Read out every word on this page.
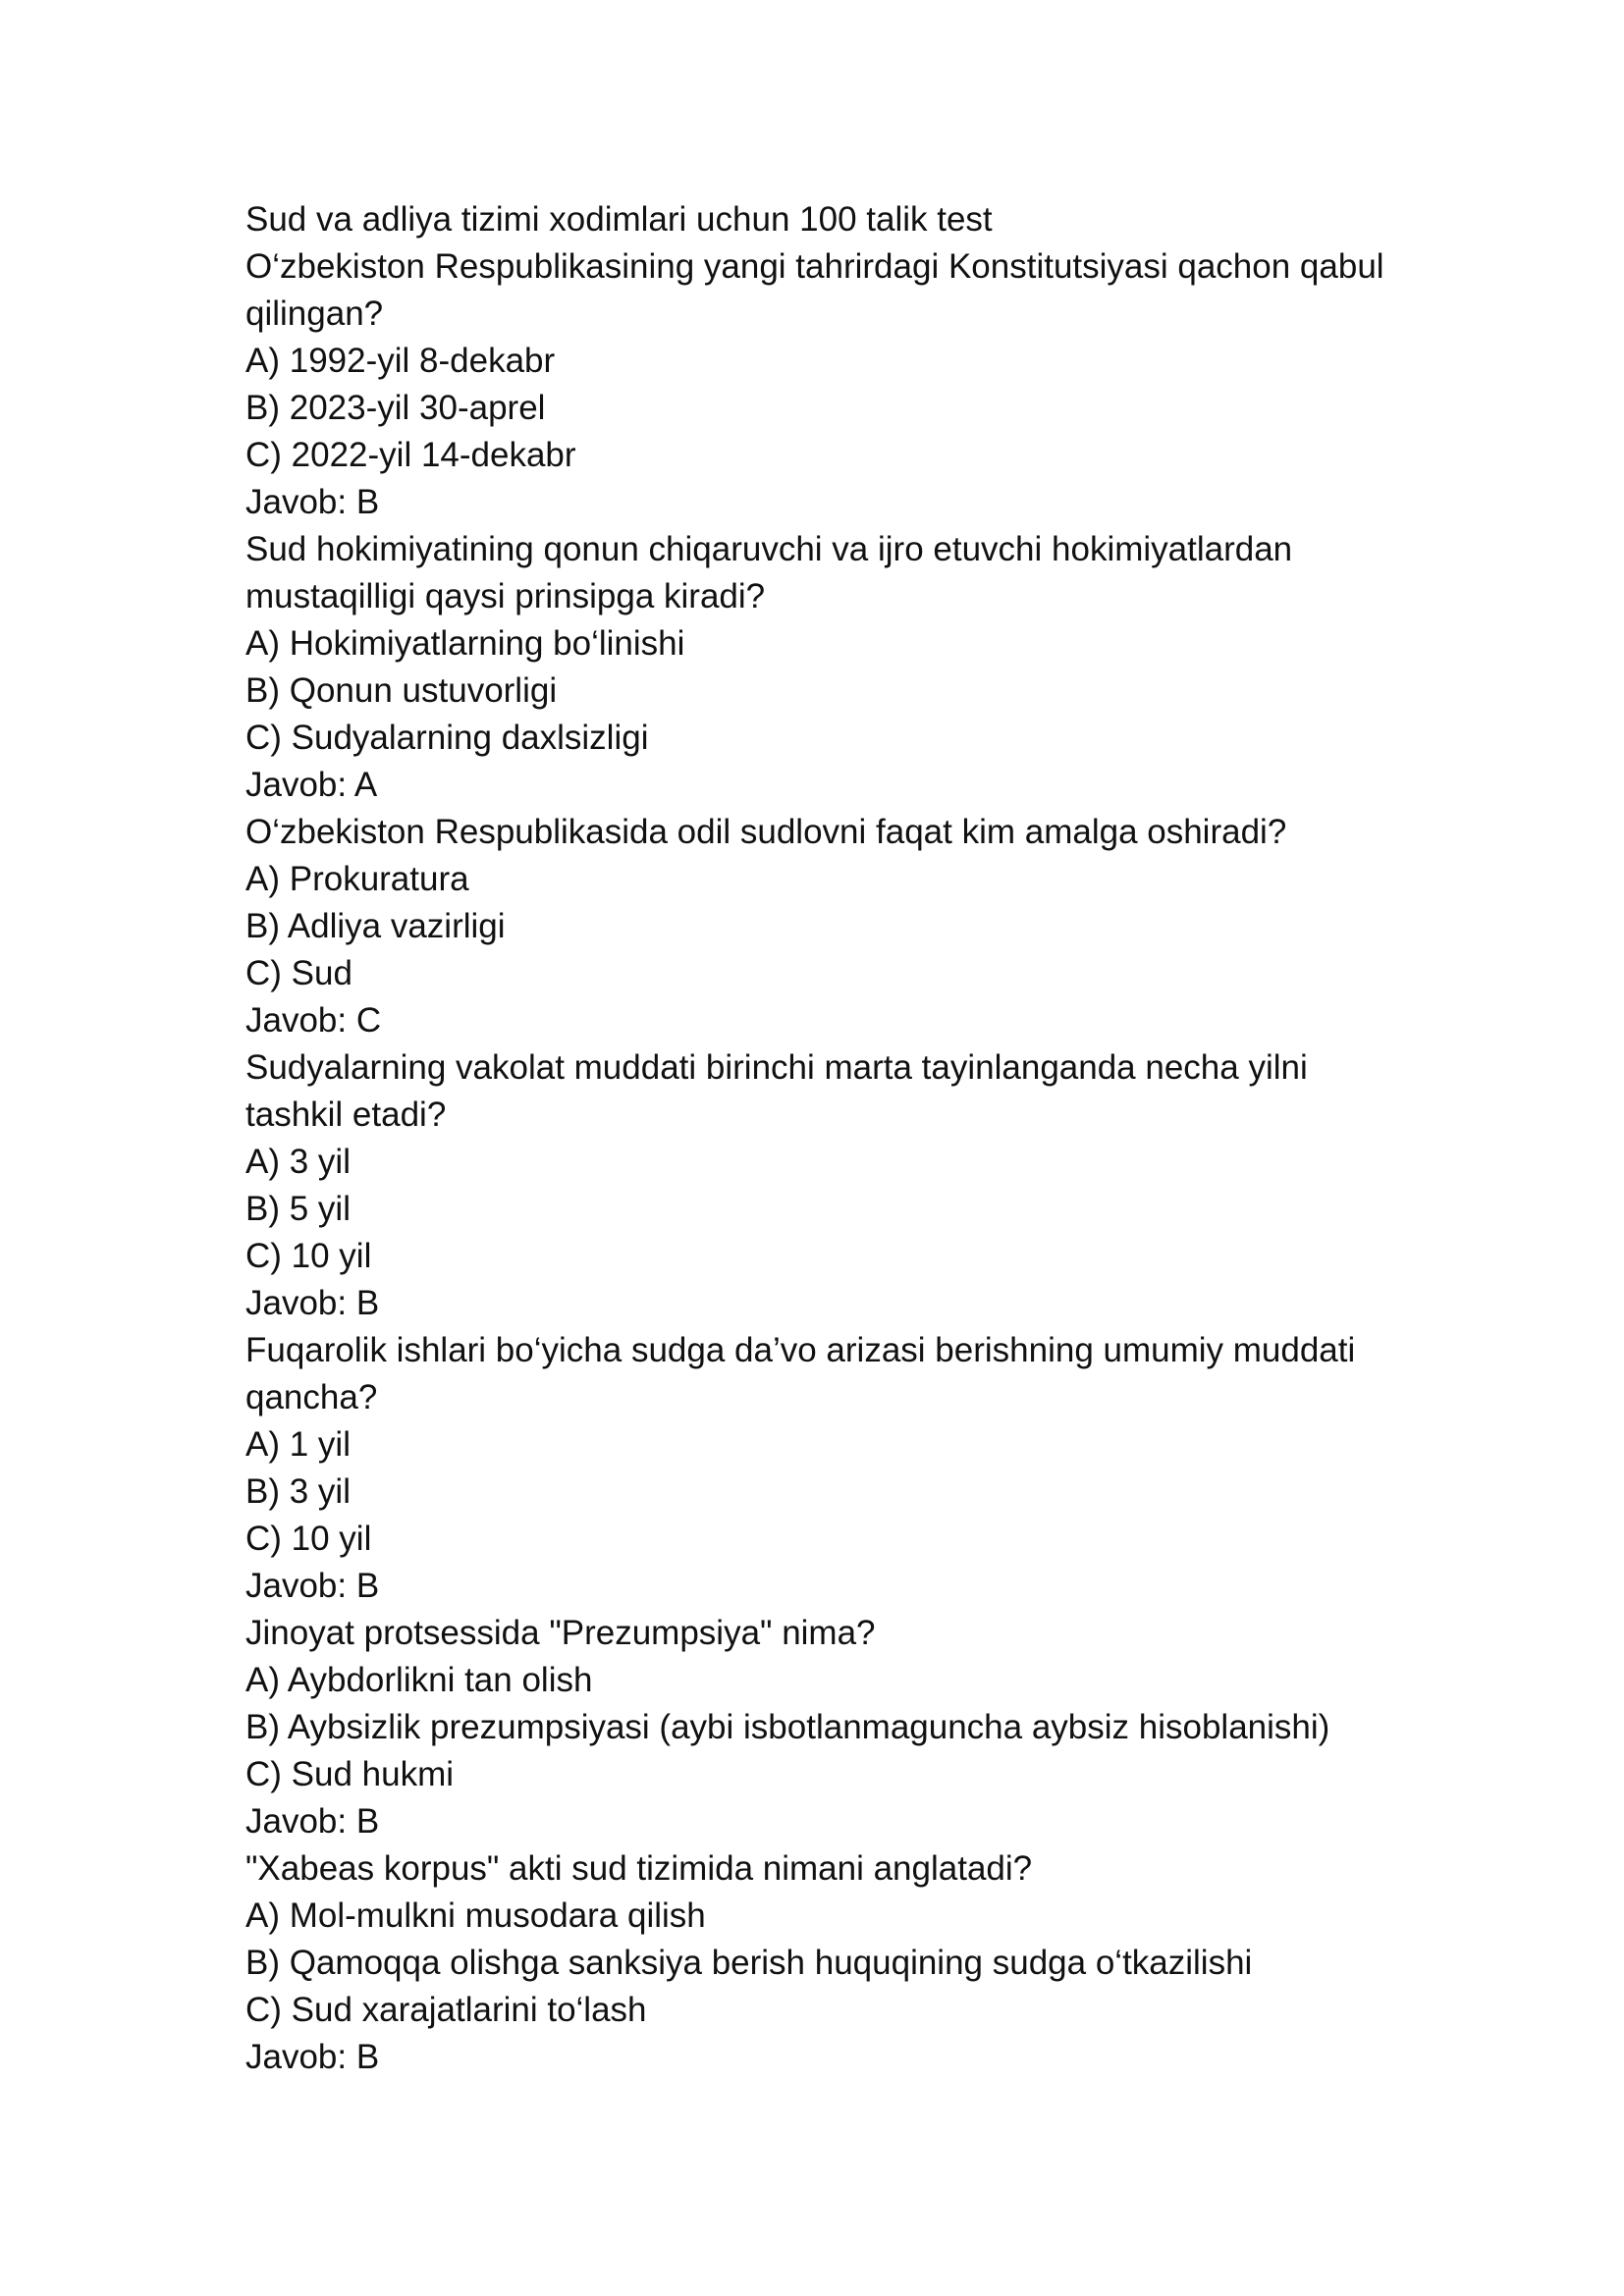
Sud va adliya tizimi xodimlari uchun 100 talik test
O‘zbekiston Respublikasining yangi tahrirdagi Konstitutsiyasi qachon qabul qilingan?
A) 1992-yil 8-dekabr
B) 2023-yil 30-aprel
C) 2022-yil 14-dekabr
Javob: B
Sud hokimiyatining qonun chiqaruvchi va ijro etuvchi hokimiyatlardan mustaqilligi qaysi prinsipga kiradi?
A) Hokimiyatlarning bo‘linishi
B) Qonun ustuvorligi
C) Sudyalarning daxlsizligi
Javob: A
O‘zbekiston Respublikasida odil sudlovni faqat kim amalga oshiradi?
A) Prokuratura
B) Adliya vazirligi
C) Sud
Javob: C
Sudyalarning vakolat muddati birinchi marta tayinlanganda necha yilni tashkil etadi?
A) 3 yil
B) 5 yil
C) 10 yil
Javob: B
Fuqarolik ishlari bo‘yicha sudga da’vo arizasi berishning umumiy muddati qancha?
A) 1 yil
B) 3 yil
C) 10 yil
Javob: B
Jinoyat protsessida "Prezumpsiya" nima?
A) Aybdorlikni tan olish
B) Aybsizlik prezumpsiyasi (aybi isbotlanmaguncha aybsiz hisoblanishi)
C) Sud hukmi
Javob: B
"Xabeas korpus" akti sud tizimida nimani anglatadi?
A) Mol-mulkni musodara qilish
B) Qamoqqa olishga sanksiya berish huquqining sudga o‘tkazilishi
C) Sud xarajatlarini to‘lash
Javob: B
